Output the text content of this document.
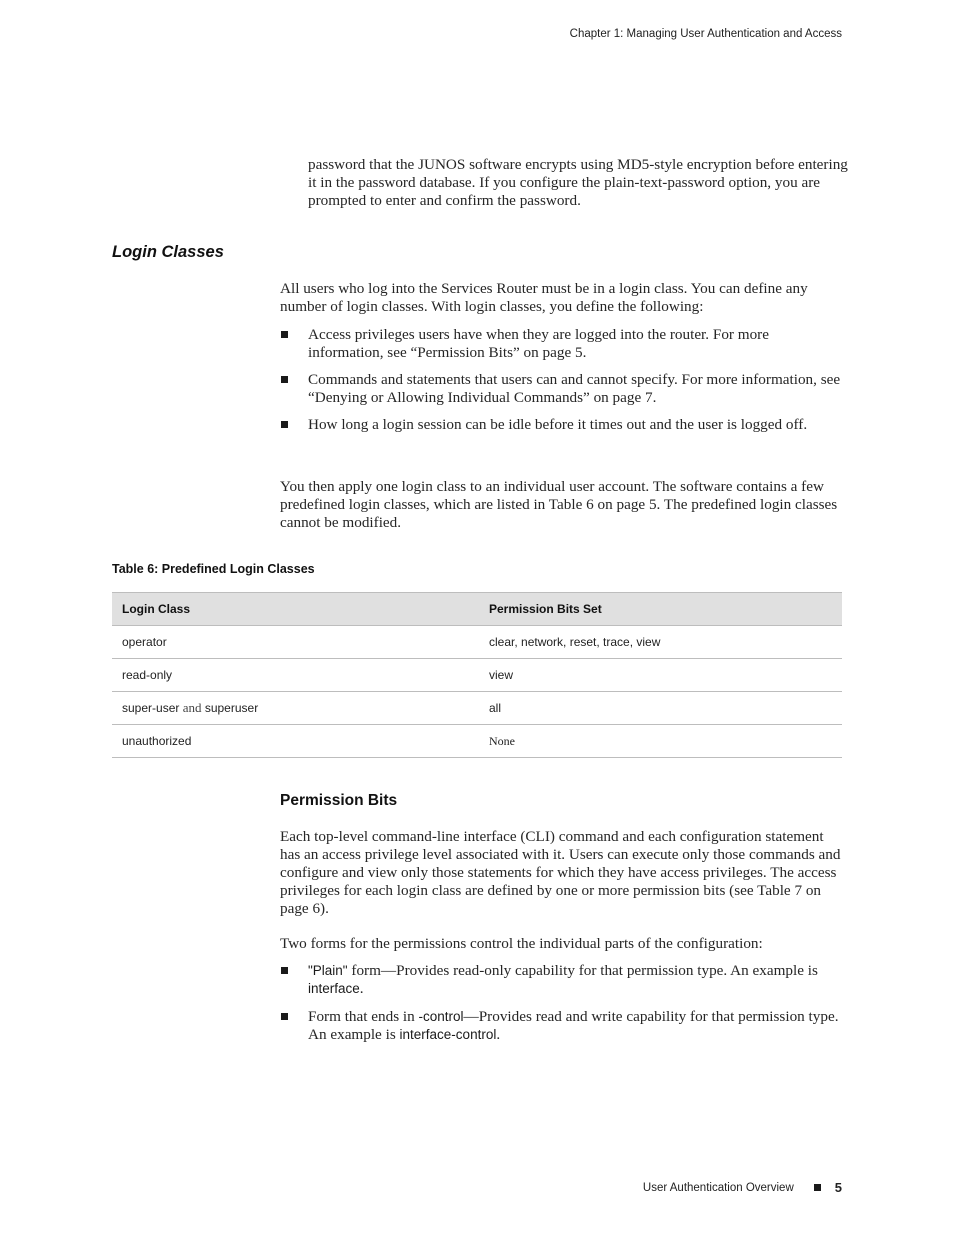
Chapter 1: Managing User Authentication and Access
password that the JUNOS software encrypts using MD5-style encryption before entering it in the password database. If you configure the plain-text-password option, you are prompted to enter and confirm the password.
Login Classes
All users who log into the Services Router must be in a login class. You can define any number of login classes. With login classes, you define the following:
Access privileges users have when they are logged into the router. For more information, see “Permission Bits” on page 5.
Commands and statements that users can and cannot specify. For more information, see “Denying or Allowing Individual Commands” on page 7.
How long a login session can be idle before it times out and the user is logged off.
You then apply one login class to an individual user account. The software contains a few predefined login classes, which are listed in Table 6 on page 5. The predefined login classes cannot be modified.
Table 6: Predefined Login Classes
Login Class	Permission Bits Set
operator	clear, network, reset, trace, view
read-only	view
super-user and superuser	all
unauthorized	None
Permission Bits
Each top-level command-line interface (CLI) command and each configuration statement has an access privilege level associated with it. Users can execute only those commands and configure and view only those statements for which they have access privileges. The access privileges for each login class are defined by one or more permission bits (see Table 7 on page 6).
Two forms for the permissions control the individual parts of the configuration:
"Plain" form—Provides read-only capability for that permission type. An example is interface.
Form that ends in -control—Provides read and write capability for that permission type. An example is interface-control.
User Authentication Overview	5
